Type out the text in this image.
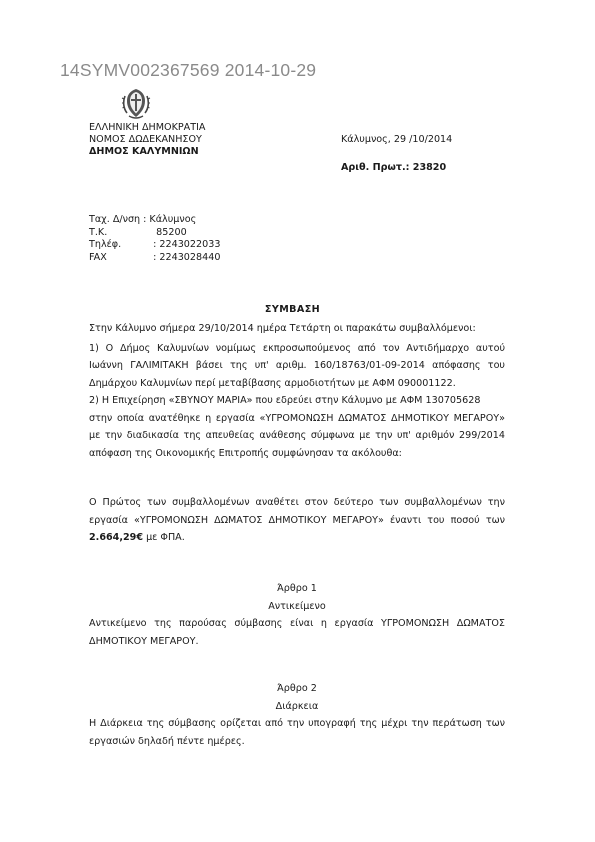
14SYMV002367569 2014-10-29
ΕΛΛΗΝΙΚΗ ΔΗΜΟΚΡΑΤΙΑ
ΝΟΜΟΣ ΔΩΔΕΚΑΝΗΣΟΥ
ΔΗΜΟΣ ΚΑΛΥΜΝΙΩΝ
Κάλυμνος, 29 /10/2014
Αριθ. Πρωτ.: 23820
Ταχ. Δ/νση : Κάλυμνος
Τ.Κ.	85200
Τηλέφ.	: 2243022033
FAX	: 2243028440
ΣΥΜΒΑΣΗ

Στην Κάλυμνο σήμερα 29/10/2014 ημέρα Τετάρτη οι παρακάτω συμβαλλόμενοι:

1) Ο Δήμος Καλυμνίων νομίμως εκπροσωπούμενος από τον Αντιδήμαρχο αυτού Ιωάννη ΓΑΛΙΜΙΤΑΚΗ βάσει της υπ' αριθμ. 160/18763/01-09-2014 απόφασης του Δημάρχου Καλυμνίων περί μεταβίβασης αρμοδιοτήτων με ΑΦΜ 090001122.

2) Η Επιχείρηση «ΣΒΥΝΟΥ ΜΑΡΙΑ» που εδρεύει στην Κάλυμνο με ΑΦΜ 130705628

στην οποία ανατέθηκε η εργασία «ΥΓΡΟΜΟΝΩΣΗ ΔΩΜΑΤΟΣ ΔΗΜΟΤΙΚΟΥ ΜΕΓΑΡΟΥ» με την διαδικασία της απευθείας ανάθεσης σύμφωνα με την υπ' αριθμόν 299/2014 απόφαση της Οικονομικής Επιτροπής συμφώνησαν τα ακόλουθα:

Ο Πρώτος των συμβαλλομένων αναθέτει στον δεύτερο των συμβαλλομένων την εργασία «ΥΓΡΟΜΟΝΩΣΗ ΔΩΜΑΤΟΣ ΔΗΜΟΤΙΚΟΥ ΜΕΓΑΡΟΥ» έναντι του ποσού των 2.664,29€ με ΦΠΑ.

Άρθρο 1

Αντικείμενο

Αντικείμενο της παρούσας σύμβασης είναι η εργασία ΥΓΡΟΜΟΝΩΣΗ ΔΩΜΑΤΟΣ ΔΗΜΟΤΙΚΟΥ ΜΕΓΑΡΟΥ.

Άρθρο 2

Διάρκεια

Η Διάρκεια της σύμβασης ορίζεται από την υπογραφή της μέχρι την περάτωση των εργασιών δηλαδή πέντε ημέρες.
